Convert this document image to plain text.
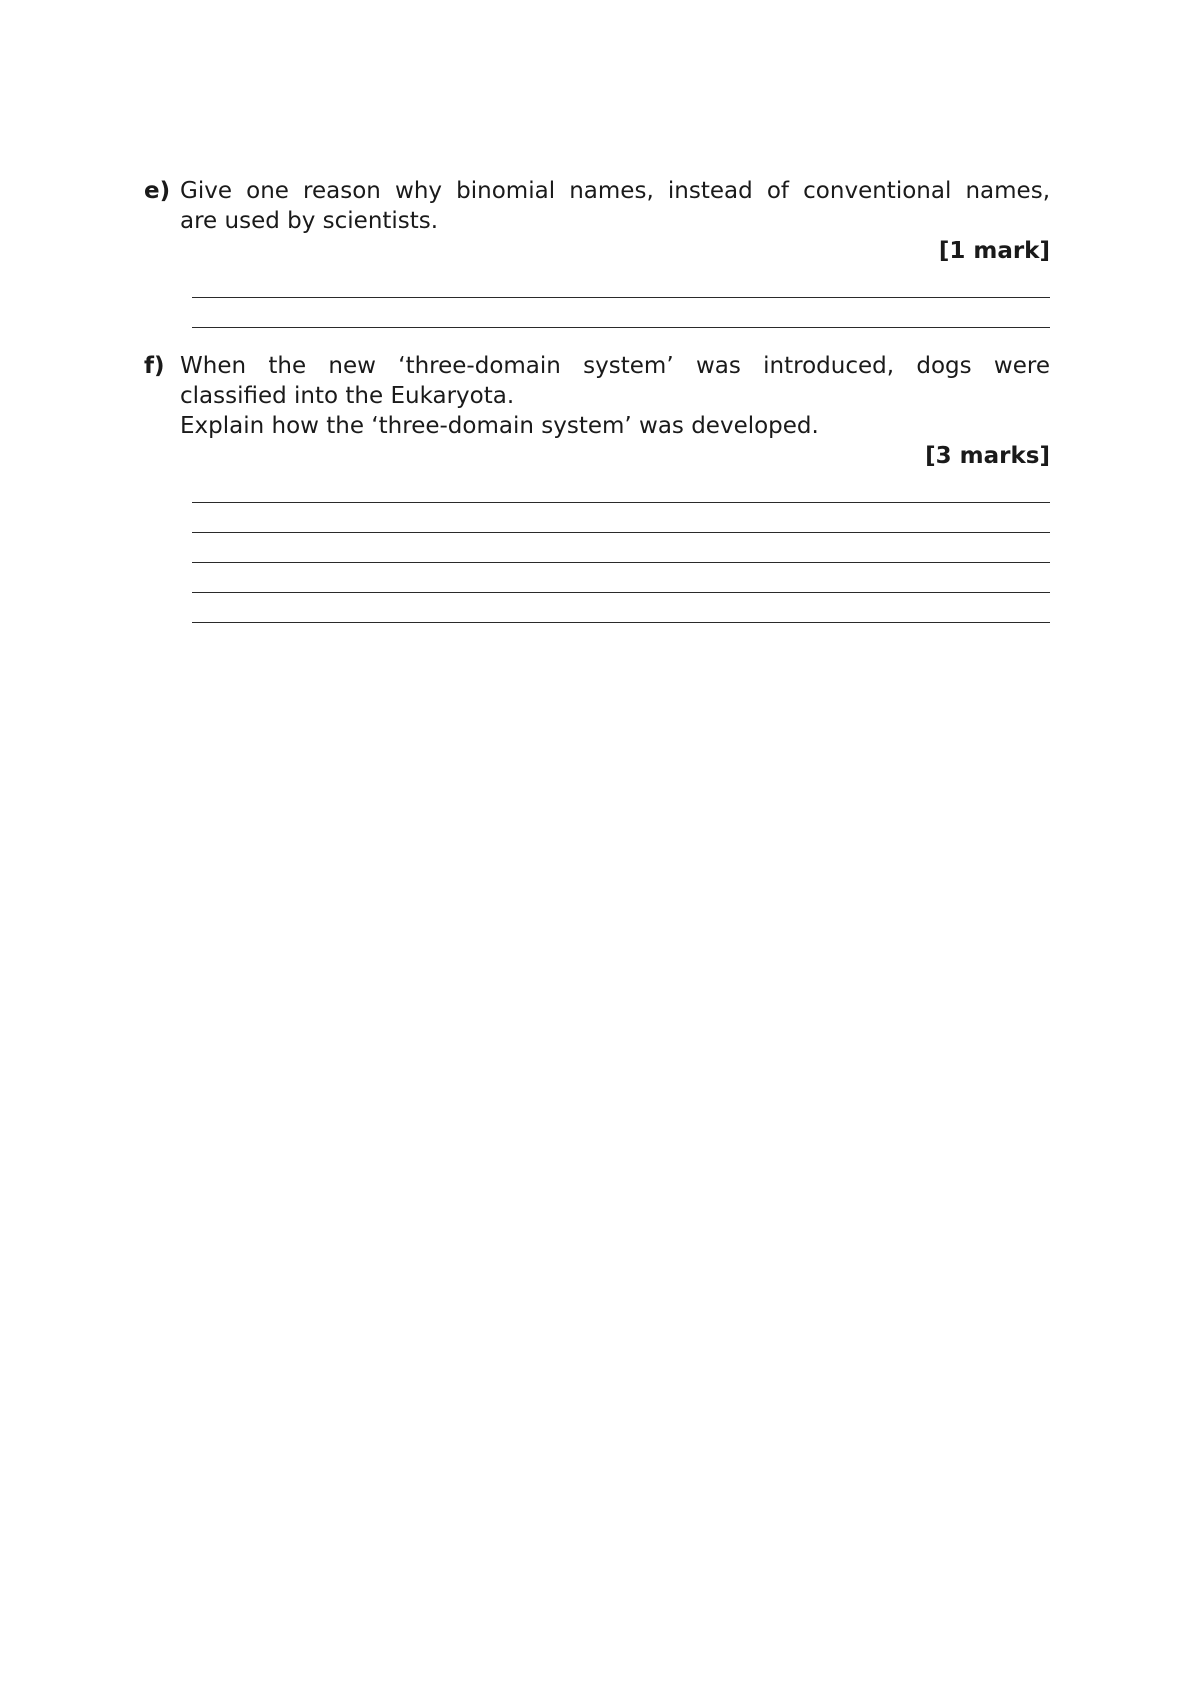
e) Give one reason why binomial names, instead of conventional names,

are used by scientists.

[1 mark]
f) When the new ‘three-domain system’ was introduced, dogs were

classified into the Eukaryota.

Explain how the ‘three-domain system’ was developed.

[3 marks]
